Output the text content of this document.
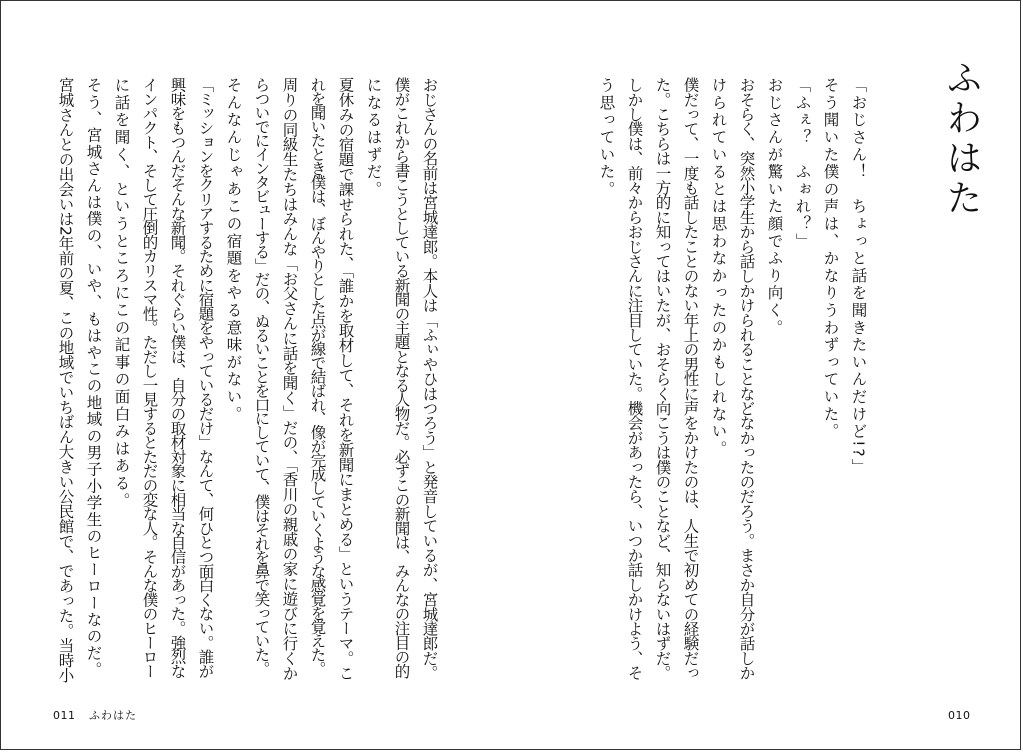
ふわはた
「おじさん！　ちょっと話を聞きたいんだけど!?」
そう聞いた僕の声は、かなりうわずっていた。
「ふぇ？　ふぉれ？」
おじさんが驚いた顔でふり向く。
おそらく、突然小学生から話しかけられることなどなかったのだろう。まさか自分が話しか
けられているとは思わなかったのかもしれない。
僕だって、一度も話したことのない年上の男性に声をかけたのは、人生で初めての経験だっ
た。こちらは一方的に知ってはいたが、おそらく向こうは僕のことなど、知らないはずだ。
しかし僕は、前々からおじさんに注目していた。機会があったら、いつか話しかけよう、そ
う思っていた。
010
おじさんの名前は宮城達郎。本人は「ふぃやひはつろう」と発音しているが、宮城達郎だ。
僕がこれから書こうとしている新聞の主題となる人物だ。必ずこの新聞は、みんなの注目の的
になるはずだ。
夏休みの宿題で課せられた、「誰かを取材して、それを新聞にまとめる」というテーマ。こ
れを聞いたとき僕は、ぼんやりとした点が線で結ばれ、像が完成していくような感覚を覚えた。
周りの同級生たちはみんな「お父さんに話を聞く」だの、「香川の親戚の家に遊びに行くか
らついでにインタビューする」だの、ぬるいことを口にしていて、僕はそれを鼻で笑っていた。
そんなんじゃあこの宿題をやる意味がない。
「ミッションをクリアするために宿題をやっているだけ」なんて、何ひとつ面白くない。誰が
興味をもつんだそんな新聞。それぐらい僕は、自分の取材対象に相当な自信があった。強烈な
インパクト、そして圧倒的カリスマ性。ただし一見するとただの変な人。そんな僕のヒーロー
に話を聞く、というところにこの記事の面白みはある。
そう、宮城さんは僕の、いや、もはやこの地域の男子小学生のヒーローなのだ。
宮城さんとの出会いは2年前の夏、この地域でいちばん大きい公民館で、であった。当時小
011 ふわはた
